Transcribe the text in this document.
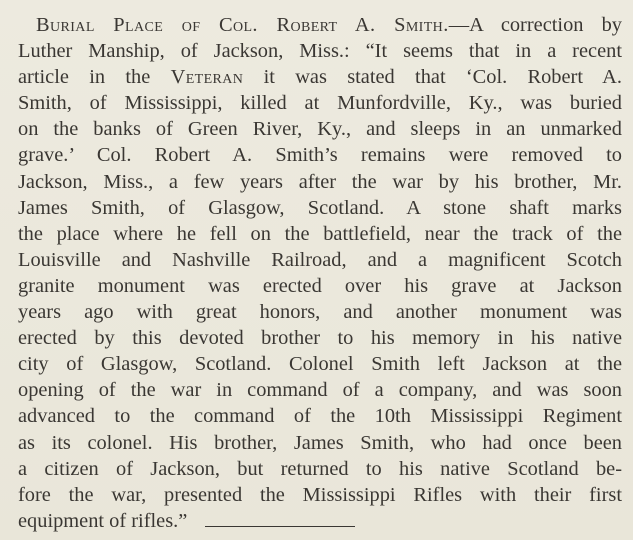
Burial Place of Col. Robert A. Smith.—A correction by
Luther Manship, of Jackson, Miss.: “It seems that in a recent
article in the Veteran it was stated that ‘Col. Robert A.
Smith, of Mississippi, killed at Munfordville, Ky., was buried
on the banks of Green River, Ky., and sleeps in an unmarked
grave.’ Col. Robert A. Smith’s remains were removed to
Jackson, Miss., a few years after the war by his brother, Mr.
James Smith, of Glasgow, Scotland. A stone shaft marks
the place where he fell on the battlefield, near the track of the
Louisville and Nashville Railroad, and a magnificent Scotch
granite monument was erected over his grave at Jackson
years ago with great honors, and another monument was
erected by this devoted brother to his memory in his native
city of Glasgow, Scotland. Colonel Smith left Jackson at the
opening of the war in command of a company, and was soon
advanced to the command of the 10th Mississippi Regiment
as its colonel. His brother, James Smith, who had once been
a citizen of Jackson, but returned to his native Scotland be-
fore the war, presented the Mississippi Rifles with their first
equipment of rifles.”
